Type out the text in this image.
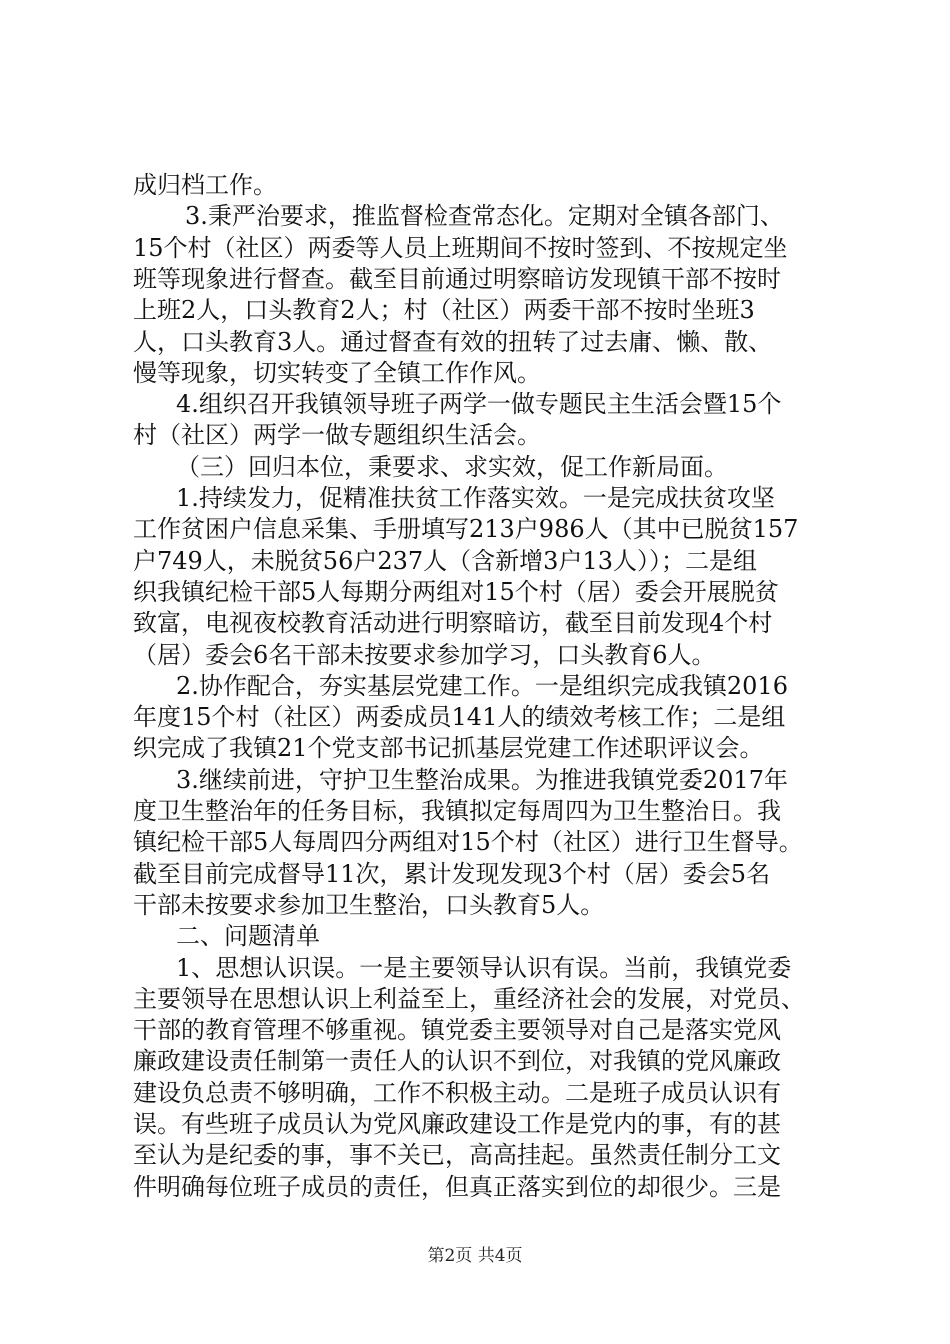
成归档工作。
3.秉严治要求，推监督检查常态化。定期对全镇各部门、
15个村（社区）两委等人员上班期间不按时签到、不按规定坐
班等现象进行督查。截至目前通过明察暗访发现镇干部不按时
上班2人，口头教育2人；村（社区）两委干部不按时坐班3
人，口头教育3人。通过督查有效的扭转了过去庸、懒、散、
慢等现象，切实转变了全镇工作作风。
4.组织召开我镇领导班子两学一做专题民主生活会暨15个
村（社区）两学一做专题组织生活会。
（三）回归本位，秉要求、求实效，促工作新局面。
1.持续发力，促精准扶贫工作落实效。一是完成扶贫攻坚
工作贫困户信息采集、手册填写213户986人（其中已脱贫157
户749人，未脱贫56户237人（含新增3户13人））；二是组
织我镇纪检干部5人每期分两组对15个村（居）委会开展脱贫
致富，电视夜校教育活动进行明察暗访，截至目前发现4个村
（居）委会6名干部未按要求参加学习，口头教育6人。
2.协作配合，夯实基层党建工作。一是组织完成我镇2016
年度15个村（社区）两委成员141人的绩效考核工作；二是组
织完成了我镇21个党支部书记抓基层党建工作述职评议会。
3.继续前进，守护卫生整治成果。为推进我镇党委2017年
度卫生整治年的任务目标，我镇拟定每周四为卫生整治日。我
镇纪检干部5人每周四分两组对15个村（社区）进行卫生督导。
截至目前完成督导11次，累计发现发现3个村（居）委会5名
干部未按要求参加卫生整治，口头教育5人。
二、问题清单
1、思想认识误。一是主要领导认识有误。当前，我镇党委
主要领导在思想认识上利益至上，重经济社会的发展，对党员、
干部的教育管理不够重视。镇党委主要领导对自己是落实党风
廉政建设责任制第一责任人的认识不到位，对我镇的党风廉政
建设负总责不够明确，工作不积极主动。二是班子成员认识有
误。有些班子成员认为党风廉政建设工作是党内的事，有的甚
至认为是纪委的事，事不关已，高高挂起。虽然责任制分工文
件明确每位班子成员的责任，但真正落实到位的却很少。三是
第2页 共4页
